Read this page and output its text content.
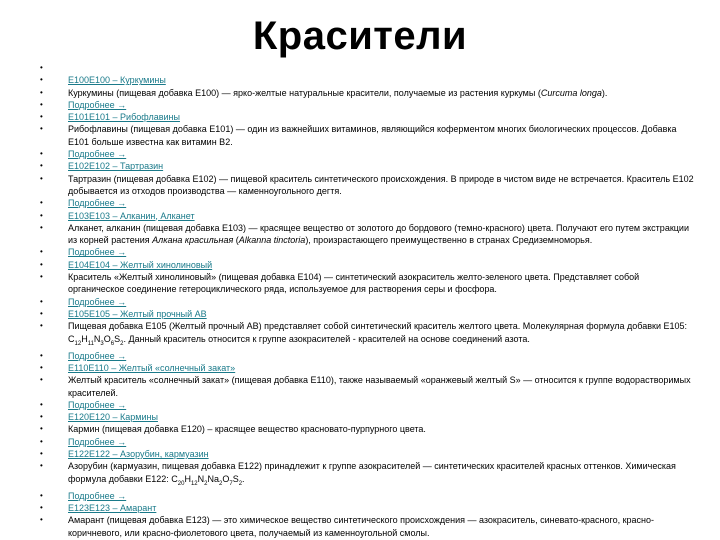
Красители
•
• E100E100 – Куркумины
• Куркумины (пищевая добавка E100) — ярко-желтые натуральные красители, получаемые из растения куркумы (Curcuma longa).
• Подробнее →
• E101E101 – Рибофлавины
• Рибофлавины (пищевая добавка E101) — один из важнейших витаминов, являющийся коферментом многих биологических процессов. Добавка E101 больше известна как витамин B2.
• Подробнее →
• E102E102 – Тартразин
• Тартразин (пищевая добавка E102) — пищевой краситель синтетического происхождения. В природе в чистом виде не встречается. Краситель E102 добывается из отходов производства — каменноугольного дегтя.
• Подробнее →
• E103E103 – Алканин, Алканет
• Алканет, алканин (пищевая добавка E103) — красящее вещество от золотого до бордового (темно-красного) цвета. Получают его путем экстракции из корней растения Алкана красильная (Alkanna tinctoria), произрастающего преимущественно в странах Средиземноморья.
• Подробнее →
• E104E104 – Желтый хинолиновый
• Краситель «Желтый хинолиновый» (пищевая добавка E104) — синтетический азокраситель желто-зеленого цвета. Представляет собой органическое соединение гетероциклического ряда, используемое для растворения серы и фосфора.
• Подробнее →
• E105E105 – Желтый прочный AB
• Пищевая добавка E105 (Желтый прочный AB) представляет собой синтетический краситель желтого цвета. Молекулярная формула добавки E105: $C_{12}H_{11}N_3O_6S_2$. Данный краситель относится к группе азокрасителей - красителей на основе соединений азота.
• Подробнее →
• E110E110 – Желтый «солнечный закат»
• Желтый краситель «солнечный закат» (пищевая добавка E110), также называемый «оранжевый желтый S» — относится к группе водорастворимых красителей.
• Подробнее →
• E120E120 – Кармины
• Кармин (пищевая добавка E120) – красящее вещество красновато-пурпурного цвета.
• Подробнее →
• E122E122 – Азорубин, кармуазин
• Азорубин (кармуазин, пищевая добавка E122) принадлежит к группе азокрасителей — синтетических красителей красных оттенков. Химическая формула добавки E122: $C_{20}H_{12}N_2Na_2O_7S_2$.
• Подробнее →
• E123E123 – Амарант
• Амарант (пищевая добавка E123) — это химическое вещество синтетического происхождения — азокраситель, синевато-красного, красно-коричневого, или красно-фиолетового цвета, получаемый из каменноугольной смолы.
